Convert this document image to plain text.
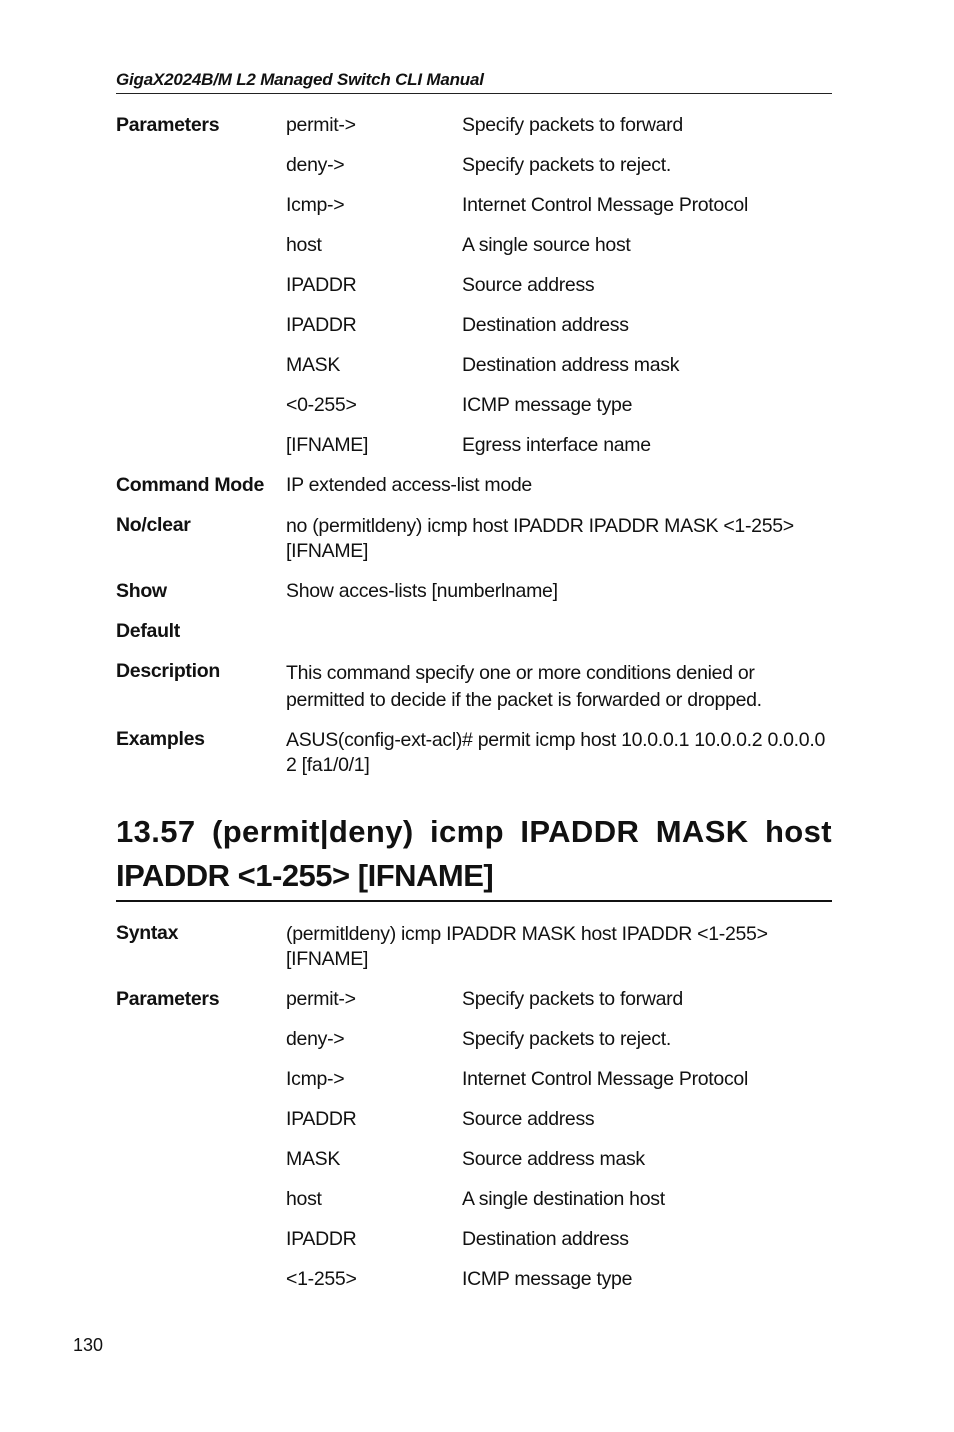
GigaX2024B/M L2 Managed Switch CLI Manual
Parameters	permit->	Specify packets to forward
deny->	Specify packets to reject.
Icmp->	Internet Control Message Protocol
host	A single source host
IPADDR	Source address
IPADDR	Destination address
MASK	Destination address mask
<0-255>	ICMP message type
[IFNAME]	Egress interface name
Command Mode	IP extended access-list mode
No/clear	no (permitldeny) icmp host IPADDR IPADDR MASK <1-255> [IFNAME]
Show	Show acces-lists [numberlname]
Default
Description	This command specify one or more conditions denied or permitted to decide if the packet is forwarded or dropped.
Examples	ASUS(config-ext-acl)# permit icmp host 10.0.0.1 10.0.0.2 0.0.0.0 2 [fa1/0/1]
13.57 (permit|deny) icmp IPADDR MASK host
IPADDR <1-255> [IFNAME]
Syntax	(permitldeny) icmp IPADDR MASK host IPADDR <1-255> [IFNAME]
Parameters	permit->	Specify packets to forward
deny->	Specify packets to reject.
Icmp->	Internet Control Message Protocol
IPADDR	Source address
MASK	Source address mask
host	A single destination host
IPADDR	Destination address
<1-255>	ICMP message type
130
